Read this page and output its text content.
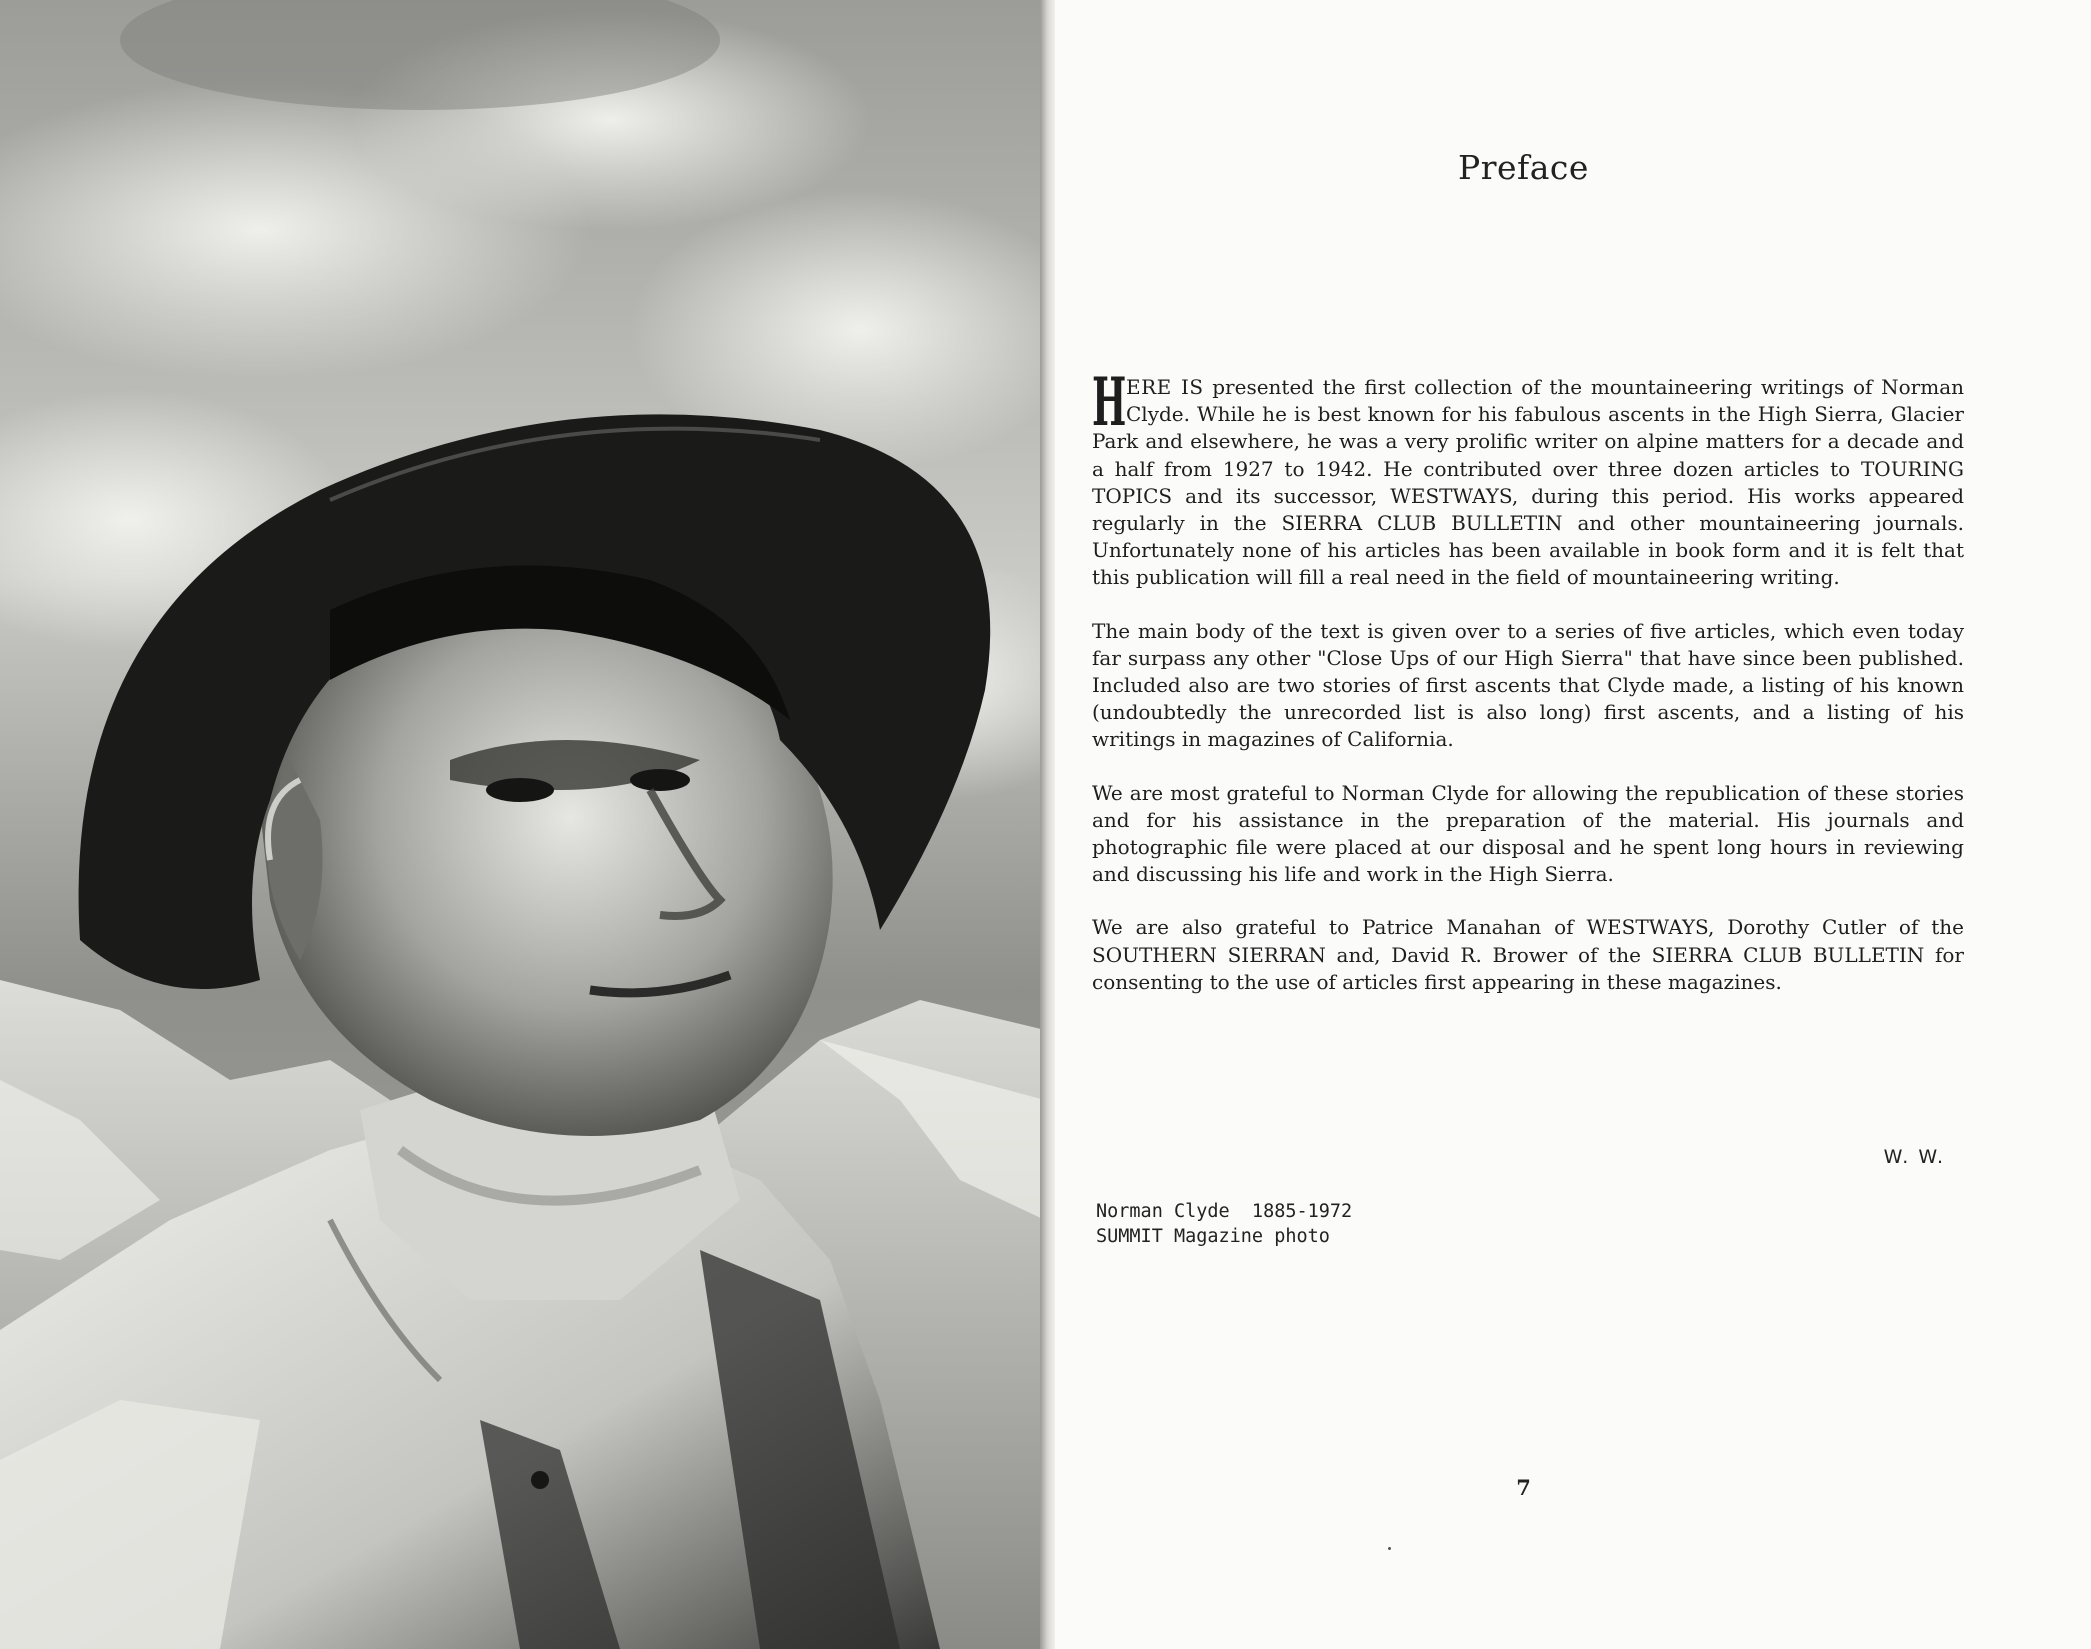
Preface

HERE IS presented the first collection of the mountaineering writings of Norman Clyde. While he is best known for his fabulous ascents in the High Sierra, Glacier Park and elsewhere, he was a very prolific writer on alpine matters for a decade and a half from 1927 to 1942. He contributed over three dozen articles to TOURING TOPICS and its successor, WESTWAYS, during this period. His works appeared regularly in the SIERRA CLUB BULLETIN and other mountaineering journals. Unfortunately none of his articles has been available in book form and it is felt that this publication will fill a real need in the field of mountaineering writing.

The main body of the text is given over to a series of five articles, which even today far surpass any other "Close Ups of our High Sierra" that have since been published. Included also are two stories of first ascents that Clyde made, a listing of his known (undoubtedly the unrecorded list is also long) first ascents, and a listing of his writings in magazines of California.

We are most grateful to Norman Clyde for allowing the republication of these stories and for his assistance in the preparation of the material. His journals and photographic file were placed at our disposal and he spent long hours in reviewing and discussing his life and work in the High Sierra.

We are also grateful to Patrice Manahan of WESTWAYS, Dorothy Cutler of the SOUTHERN SIERRAN and, David R. Brower of the SIERRA CLUB BULLETIN for consenting to the use of articles first appearing in these magazines.

W. W.
Norman Clyde  1885-1972
SUMMIT Magazine photo
7
